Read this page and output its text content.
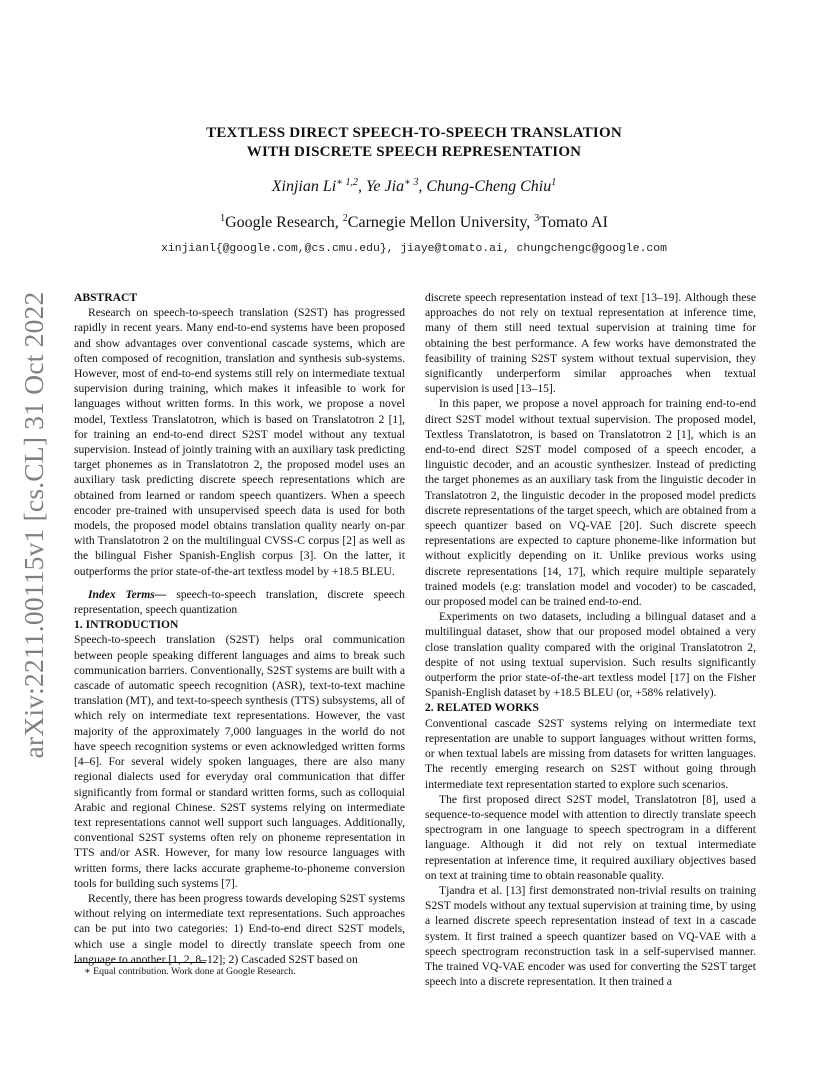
arXiv:2211.00115v1 [cs.CL] 31 Oct 2022
TEXTLESS DIRECT SPEECH-TO-SPEECH TRANSLATION
WITH DISCRETE SPEECH REPRESENTATION
Xinjian $Li^{∗ 1,2}$, Ye Jia$^{∗ 3}$, Chung-Cheng Chiu$^1$
$^1$Google Research, $^2$Carnegie Mellon University, $^3$Tomato AI
xinjianl{@google.com,@cs.cmu.edu}, jiaye@tomato.ai, chungchengc@google.com

ABSTRACT

Research on speech-to-speech translation (S2ST) has progressed rapidly in recent years. Many end-to-end systems have been proposed and show advantages over conventional cascade systems, which are often composed of recognition, translation and synthesis sub-systems. However, most of end-to-end systems still rely on intermediate textual supervision during training, which makes it infeasible to work for languages without written forms. In this work, we propose a novel model, Textless Translatotron, which is based on Translatotron 2 [1], for training an end-to-end direct S2ST model without any textual supervision. Instead of jointly training with an auxiliary task predicting target phonemes as in Translatotron 2, the proposed model uses an auxiliary task predicting discrete speech representations which are obtained from learned or random speech quantizers. When a speech encoder pre-trained with unsupervised speech data is used for both models, the proposed model obtains translation quality nearly on-par with Translatotron 2 on the multilingual CVSS-C corpus [2] as well as the bilingual Fisher Spanish-English corpus [3]. On the latter, it outperforms the prior state-of-the-art textless model by +18.5 BLEU.

Index Terms— speech-to-speech translation, discrete speech representation, speech quantization

1. INTRODUCTION

Speech-to-speech translation (S2ST) helps oral communication between people speaking different languages and aims to break such communication barriers. Conventionally, S2ST systems are built with a cascade of automatic speech recognition (ASR), text-to-text machine translation (MT), and text-to-speech synthesis (TTS) subsystems, all of which rely on intermediate text representations. However, the vast majority of the approximately 7,000 languages in the world do not have speech recognition systems or even acknowledged written forms [4–6]. For several widely spoken languages, there are also many regional dialects used for everyday oral communication that differ significantly from formal or standard written forms, such as colloquial Arabic and regional Chinese. S2ST systems relying on intermediate text representations cannot well support such languages. Additionally, conventional S2ST systems often rely on phoneme representation in TTS and/or ASR. However, for many low resource languages with written forms, there lacks accurate grapheme-to-phoneme conversion tools for building such systems [7].

Recently, there has been progress towards developing S2ST systems without relying on intermediate text representations. Such approaches can be put into two categories: 1) End-to-end direct S2ST models, which use a single model to directly translate speech from one language to another [1, 2, 8–12]; 2) Cascaded S2ST based on

discrete speech representation instead of text [13–19]. Although these approaches do not rely on textual representation at inference time, many of them still need textual supervision at training time for obtaining the best performance. A few works have demonstrated the feasibility of training S2ST system without textual supervision, they significantly underperform similar approaches when textual supervision is used [13–15].

In this paper, we propose a novel approach for training end-to-end direct S2ST model without textual supervision. The proposed model, Textless Translatotron, is based on Translatotron 2 [1], which is an end-to-end direct S2ST model composed of a speech encoder, a linguistic decoder, and an acoustic synthesizer. Instead of predicting the target phonemes as an auxiliary task from the linguistic decoder in Translatotron 2, the linguistic decoder in the proposed model predicts discrete representations of the target speech, which are obtained from a speech quantizer based on VQ-VAE [20]. Such discrete speech representations are expected to capture phoneme-like information but without explicitly depending on it. Unlike previous works using discrete representations [14, 17], which require multiple separately trained models (e.g: translation model and vocoder) to be cascaded, our proposed model can be trained end-to-end.

Experiments on two datasets, including a bilingual dataset and a multilingual dataset, show that our proposed model obtained a very close translation quality compared with the original Translatotron 2, despite of not using textual supervision. Such results significantly outperform the prior state-of-the-art textless model [17] on the Fisher Spanish-English dataset by +18.5 BLEU (or, +58% relatively).

2. RELATED WORKS

Conventional cascade S2ST systems relying on intermediate text representation are unable to support languages without written forms, or when textual labels are missing from datasets for written languages. The recently emerging research on S2ST without going through intermediate text representation started to explore such scenarios.

The first proposed direct S2ST model, Translatotron [8], used a sequence-to-sequence model with attention to directly translate speech spectrogram in one language to speech spectrogram in a different language. Although it did not rely on textual intermediate representation at inference time, it required auxiliary objectives based on text at training time to obtain reasonable quality.

Tjandra et al. [13] first demonstrated non-trivial results on training S2ST models without any textual supervision at training time, by using a learned discrete speech representation instead of text in a cascade system. It first trained a speech quantizer based on VQ-VAE with a speech spectrogram reconstruction task in a self-supervised manner. The trained VQ-VAE encoder was used for converting the S2ST target speech into a discrete representation. It then trained a

∗ Equal contribution. Work done at Google Research.
